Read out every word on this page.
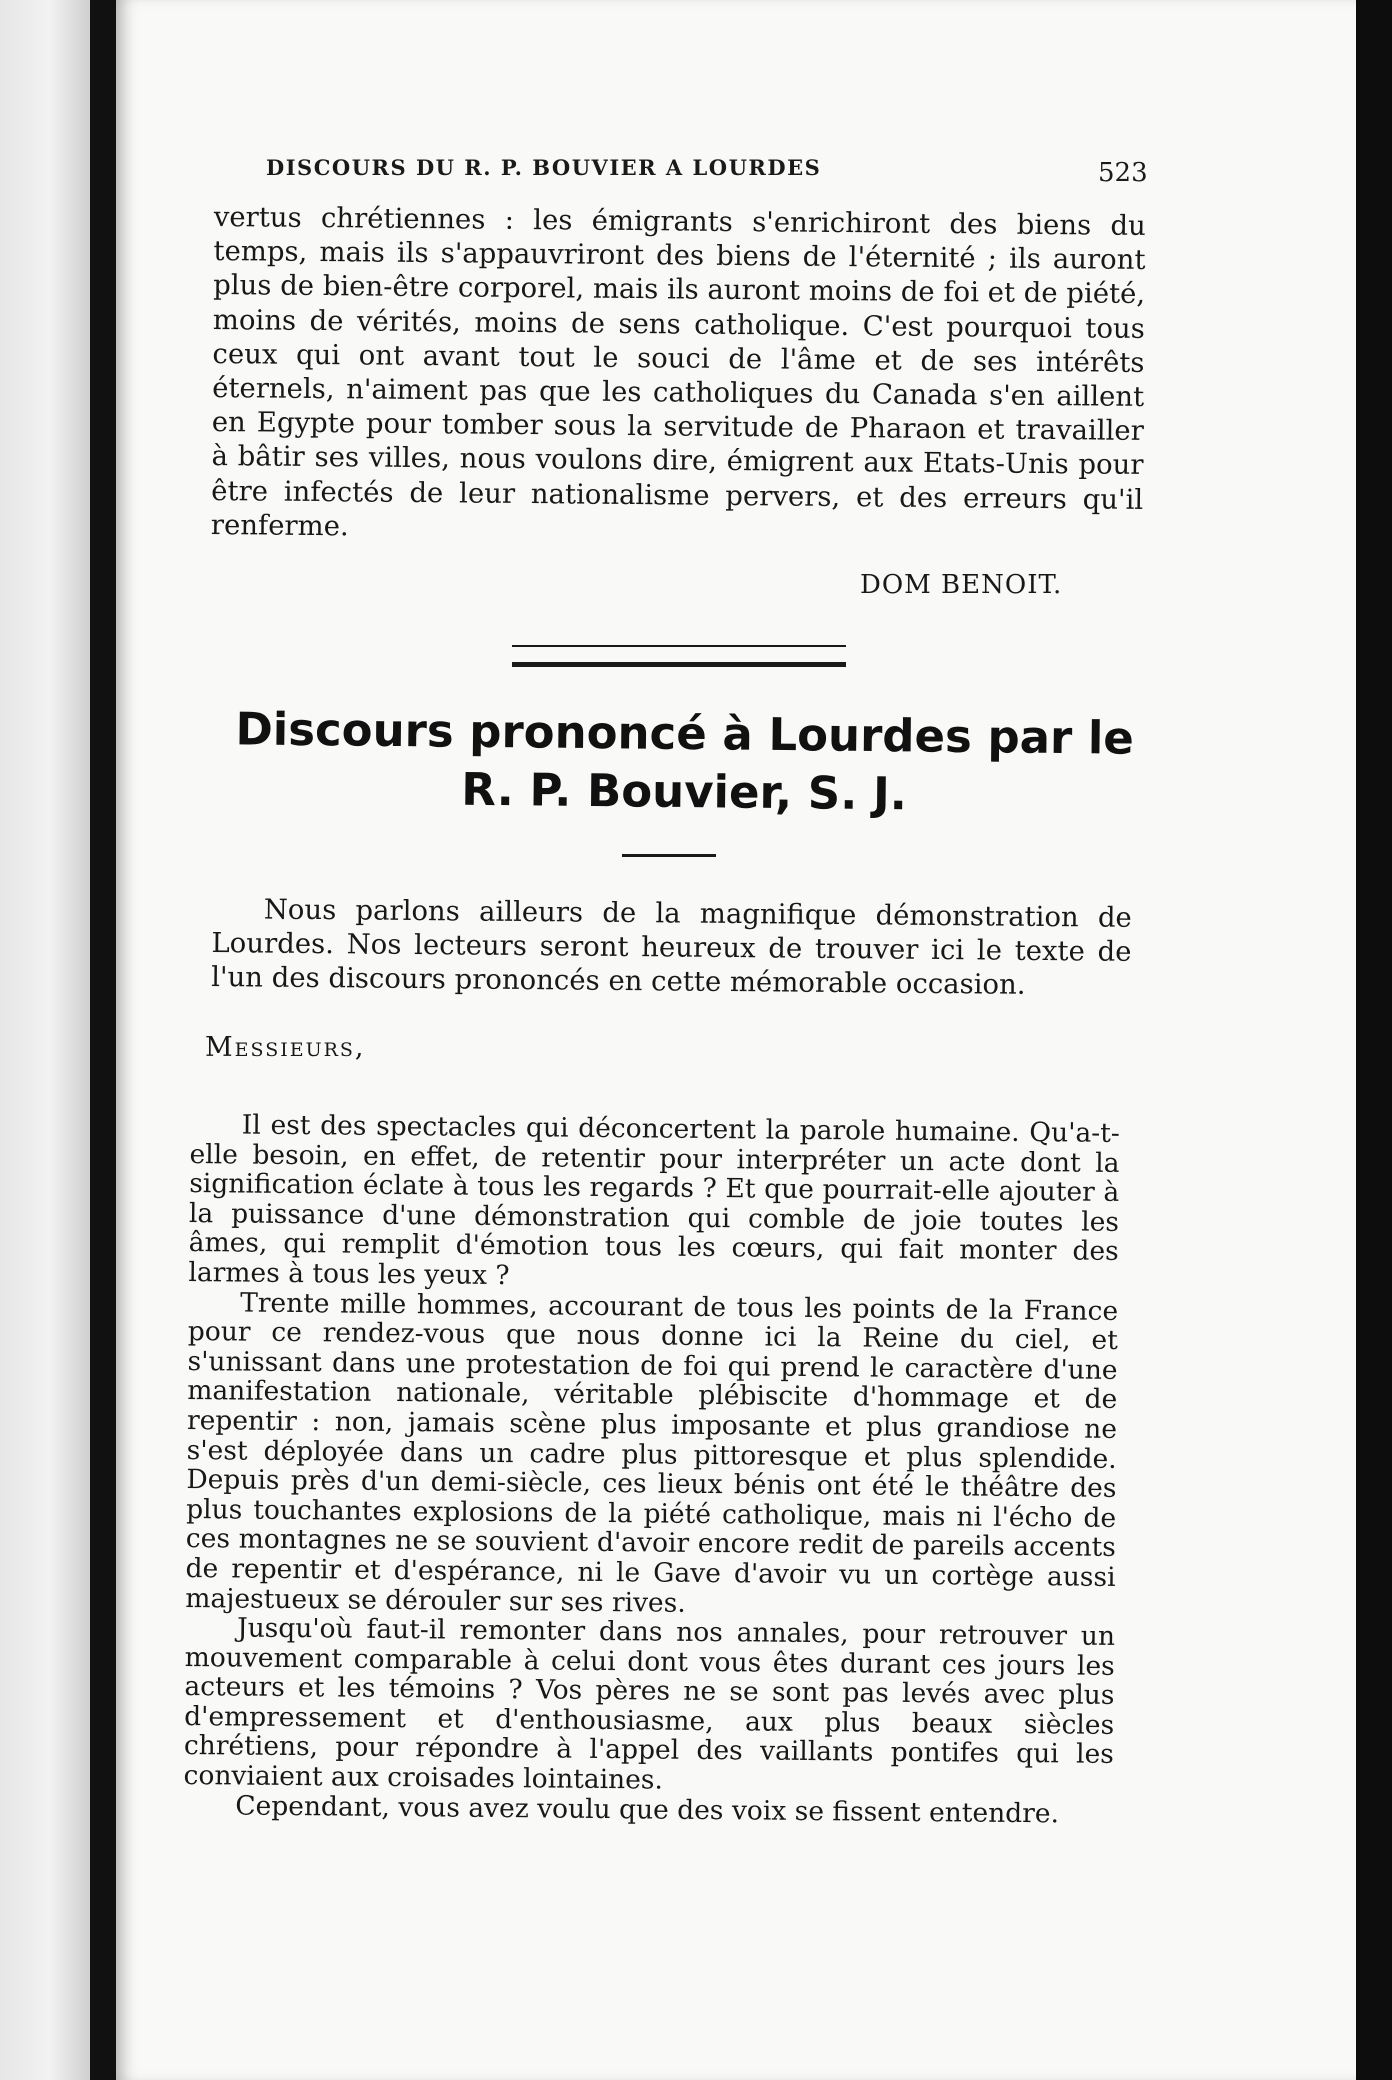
DISCOURS DU R. P. BOUVIER A LOURDES	523

vertus chrétiennes : les émigrants s'enrichiront des biens du temps, mais ils s'appauvriront des biens de l'éternité ; ils auront plus de bien-être corporel, mais ils auront moins de foi et de piété, moins de vérités, moins de sens catholique. C'est pourquoi tous ceux qui ont avant tout le souci de l'âme et de ses intérêts éternels, n'aiment pas que les catholiques du Canada s'en aillent en Egypte pour tomber sous la servitude de Pharaon et travailler à bâtir ses villes, nous voulons dire, émigrent aux Etats-Unis pour être infectés de leur nationalisme pervers, et des erreurs qu'il renferme.

DOM BENOIT.
Discours prononcé à Lourdes par le R. P. Bouvier, S. J.

Nous parlons ailleurs de la magnifique démonstration de Lourdes. Nos lecteurs seront heureux de trouver ici le texte de l'un des discours prononcés en cette mémorable occasion.

Messieurs,

Il est des spectacles qui déconcertent la parole humaine. Qu'a-t-elle besoin, en effet, de retentir pour interpréter un acte dont la signification éclate à tous les regards ? Et que pourrait-elle ajouter à la puissance d'une démonstration qui comble de joie toutes les âmes, qui remplit d'émotion tous les cœurs, qui fait monter des larmes à tous les yeux ?

Trente mille hommes, accourant de tous les points de la France pour ce rendez-vous que nous donne ici la Reine du ciel, et s'unissant dans une protestation de foi qui prend le caractère d'une manifestation nationale, véritable plébiscite d'hommage et de repentir : non, jamais scène plus imposante et plus grandiose ne s'est déployée dans un cadre plus pittoresque et plus splendide. Depuis près d'un demi-siècle, ces lieux bénis ont été le théâtre des plus touchantes explosions de la piété catholique, mais ni l'écho de ces montagnes ne se souvient d'avoir encore redit de pareils accents de repentir et d'espérance, ni le Gave d'avoir vu un cortège aussi majestueux se dérouler sur ses rives.

Jusqu'où faut-il remonter dans nos annales, pour retrouver un mouvement comparable à celui dont vous êtes durant ces jours les acteurs et les témoins ? Vos pères ne se sont pas levés avec plus d'empressement et d'enthousiasme, aux plus beaux siècles chrétiens, pour répondre à l'appel des vaillants pontifes qui les conviaient aux croisades lointaines.

Cependant, vous avez voulu que des voix se fissent entendre.
